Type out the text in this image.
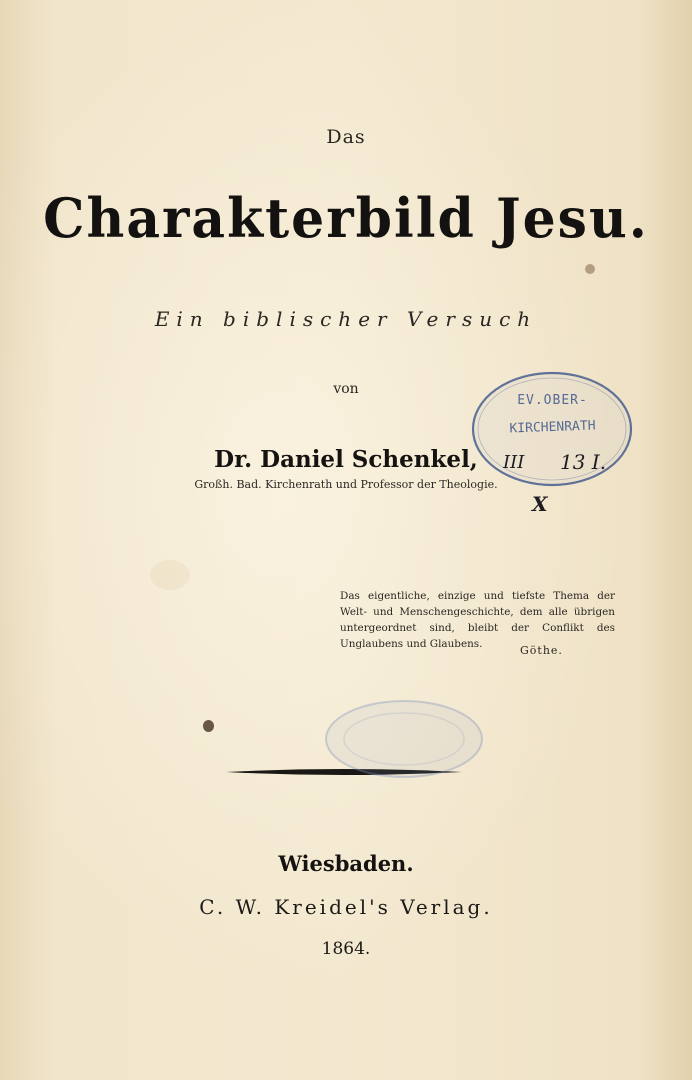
Das
Charakterbild Jesu.
Ein biblischer Versuch
von
Dr. Daniel Schenkel,
Großh. Bad. Kirchenrath und Professor der Theologie.
Das eigentliche, einzige und tiefste Thema der Welt- und Menschengeschichte, dem alle übrigen untergeordnet sind, bleibt der Conflikt des Unglaubens und Glaubens.	Göthe.
Wiesbaden.
C. W. Kreidel's Verlag.
1864.
EV.OBER-
KIRCHENRATH
III 13 I.
X
